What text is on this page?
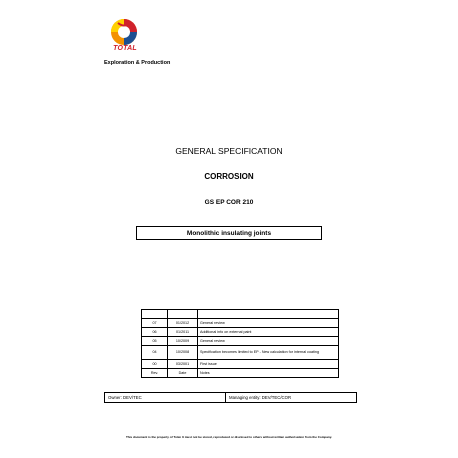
TOTAL
Exploration & Production
GENERAL SPECIFICATION
CORROSION
GS EP COR 210
Monolithic insulating joints

07	01/2012	General review
06	01/2011	Additional info on external paint
05	10/2009	General review
04	10/2008	Specification becomes limited to EP - New calculation for internal coating
00	03/2001	First issue
Rev.	Date	Notes
Owner: DEV/TEC	Managing entity: DEV/TEC/COR
This document is the property of Total. It must not be stored, reproduced or disclosed to others without written authorisation from the Company.
